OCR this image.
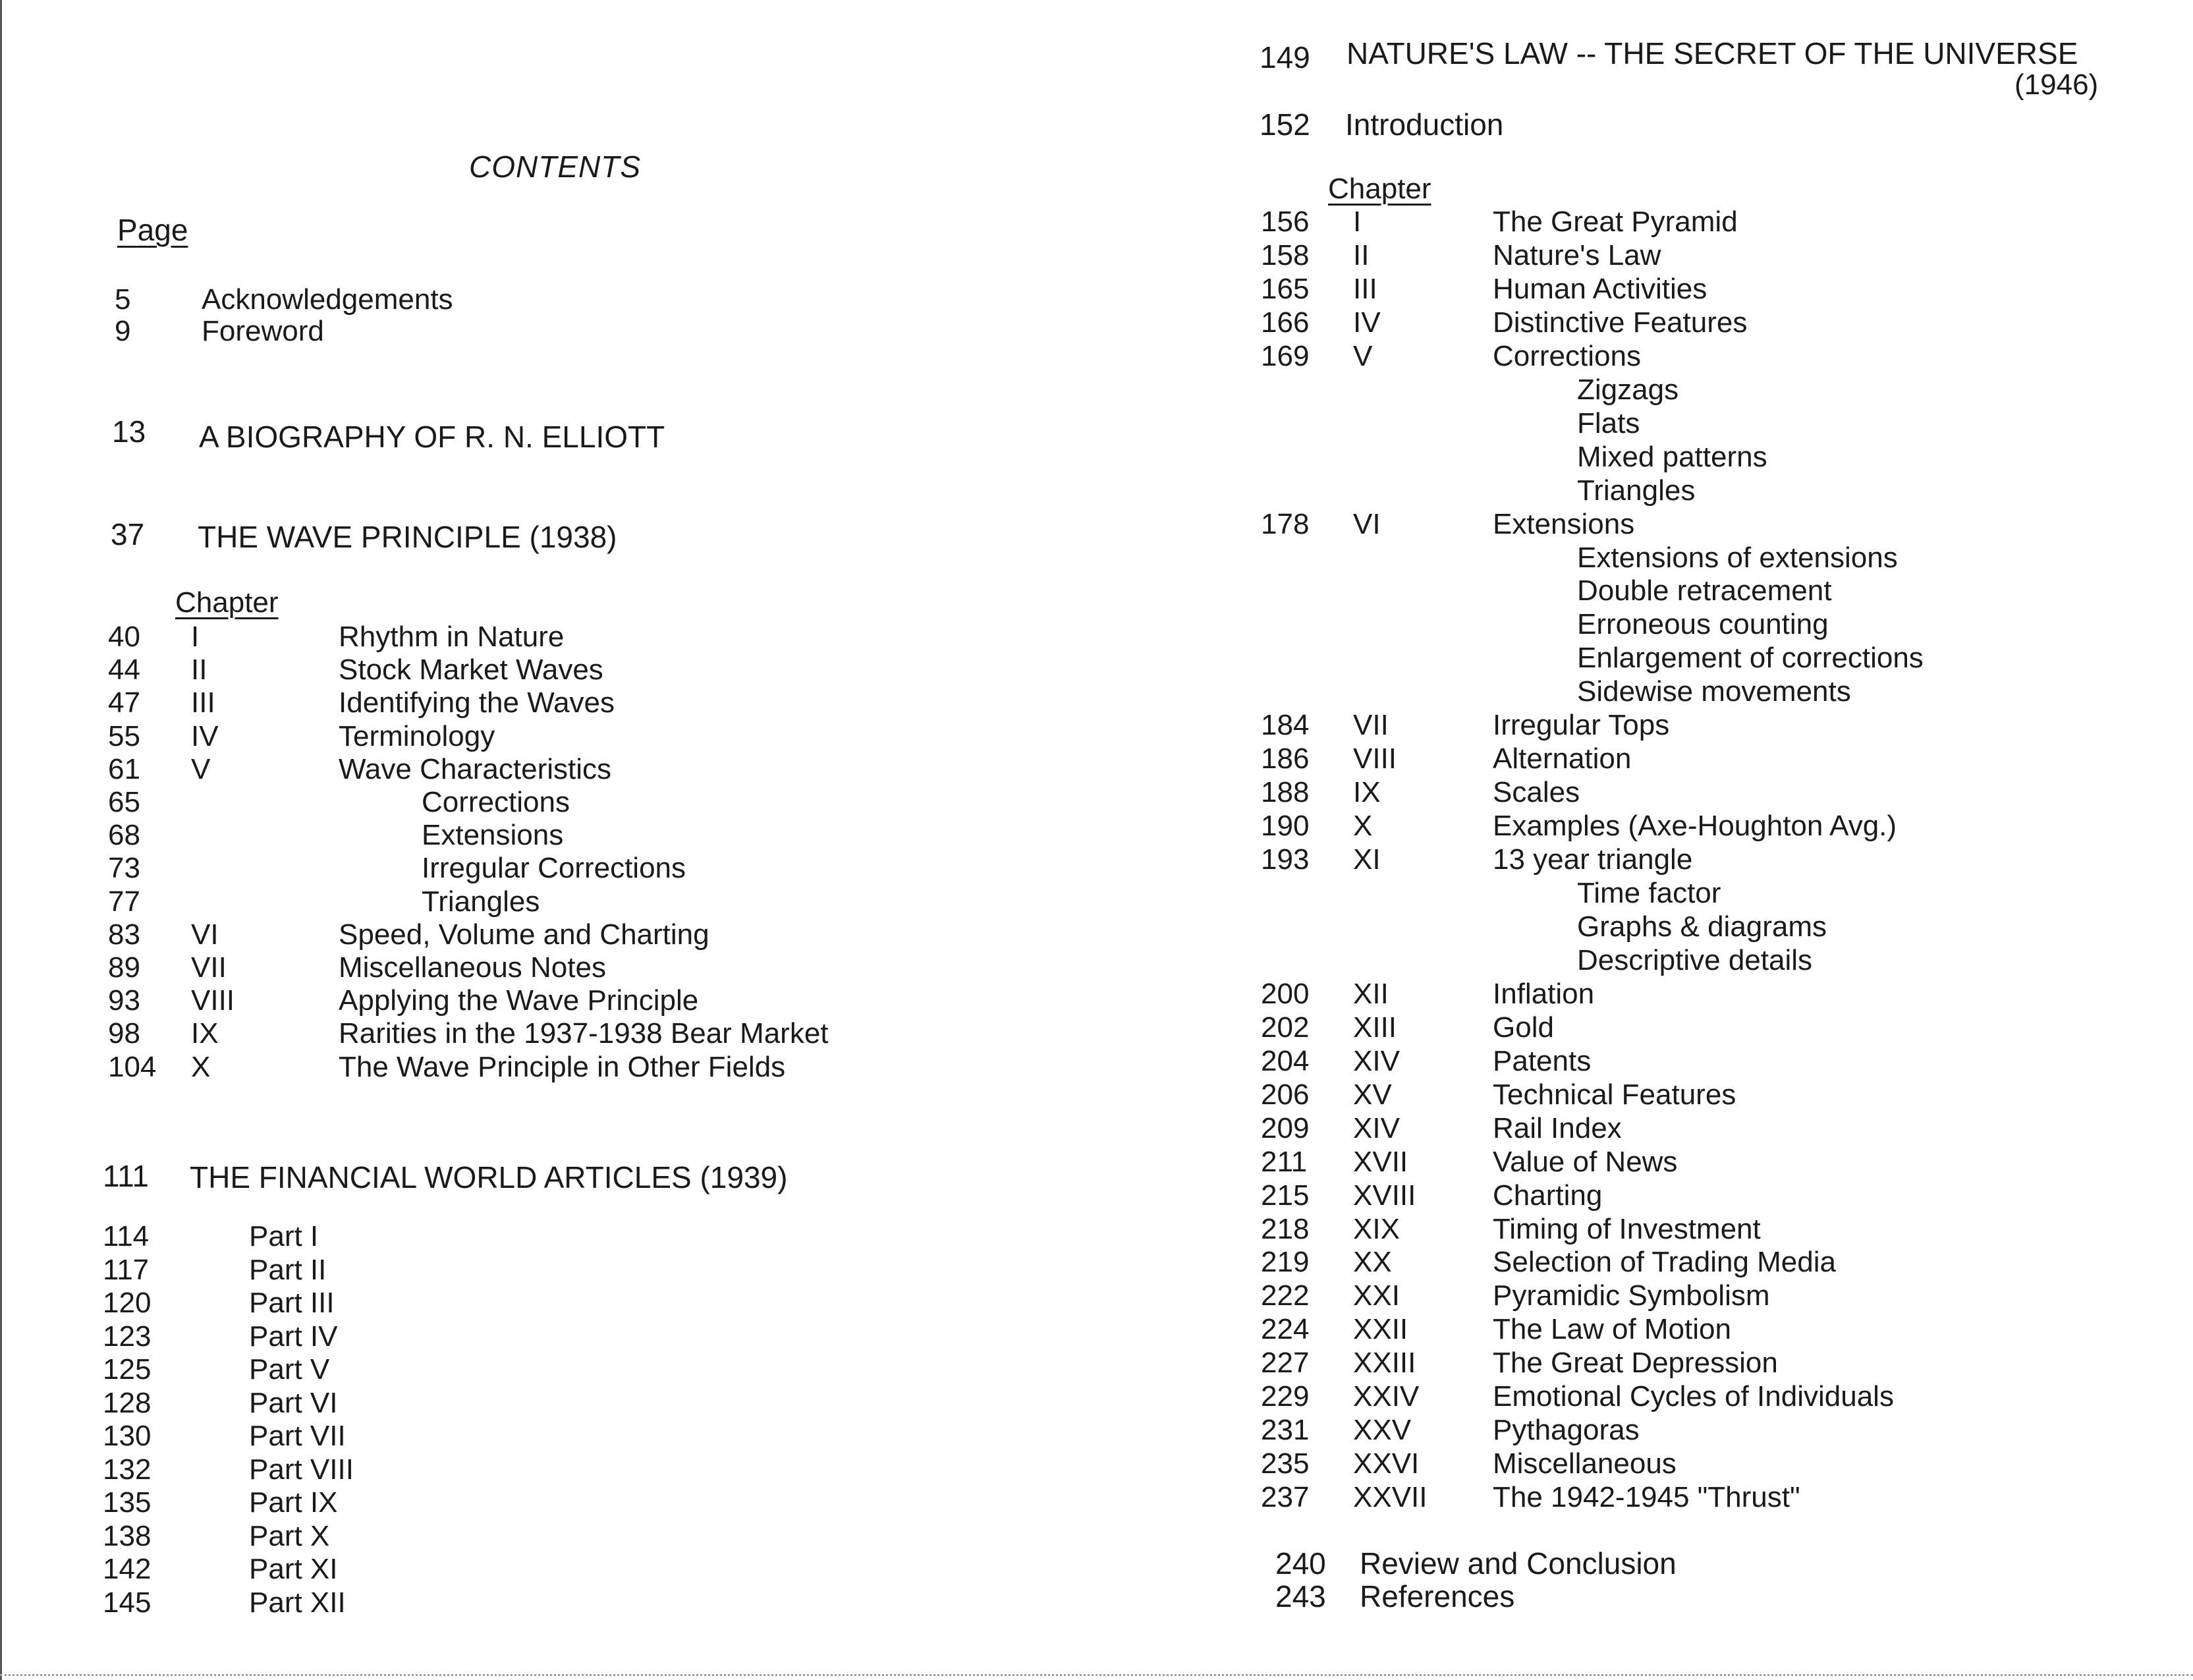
CONTENTS
Page
5 Acknowledgements
9 Foreword
13 A BIOGRAPHY OF R. N. ELLIOTT
37 THE WAVE PRINCIPLE (1938)
Chapter
40 I	Rhythm in Nature
44 II	Stock Market Waves
47 III	Identifying the Waves
55 IV	Terminology
61 V	Wave Characteristics
65	Corrections
68	Extensions
73	Irregular Corrections
77	Triangles
83 VI	Speed, Volume and Charting
89 VII	Miscellaneous Notes
93 VIII	Applying the Wave Principle
98 IX	Rarities in the 1937-1938 Bear Market
104 X	The Wave Principle in Other Fields
111 THE FINANCIAL WORLD ARTICLES (1939)
114	Part I
117	Part II
120	Part III
123	Part IV
125	Part V
128	Part VI
130	Part VII
132	Part VIII
135	Part IX
138	Part X
142	Part XI
145	Part XII
149 NATURE'S LAW -- THE SECRET OF THE UNIVERSE
(1946)
152 Introduction
Chapter
156 I	The Great Pyramid
158 II	Nature's Law
165 III	Human Activities
166 IV	Distinctive Features
169 V	Corrections
Zigzags
Flats
Mixed patterns
Triangles
178 VI	Extensions
Extensions of extensions
Double retracement
Erroneous counting
Enlargement of corrections
Sidewise movements
184 VII	Irregular Tops
186 VIII	Alternation
188 IX	Scales
190 X	Examples (Axe-Houghton Avg.)
193 XI	13 year triangle
Time factor
Graphs & diagrams
Descriptive details
200 XII	Inflation
202 XIII	Gold
204 XIV	Patents
206 XV	Technical Features
209 XIV	Rail Index
211 XVII	Value of News
215 XVIII	Charting
218 XIX	Timing of Investment
219 XX	Selection of Trading Media
222 XXI	Pyramidic Symbolism
224 XXII	The Law of Motion
227 XXIII	The Great Depression
229 XXIV	Emotional Cycles of Individuals
231 XXV	Pythagoras
235 XXVI	Miscellaneous
237 XXVII The 1942-1945 "Thrust"
240 Review and Conclusion
243 References
